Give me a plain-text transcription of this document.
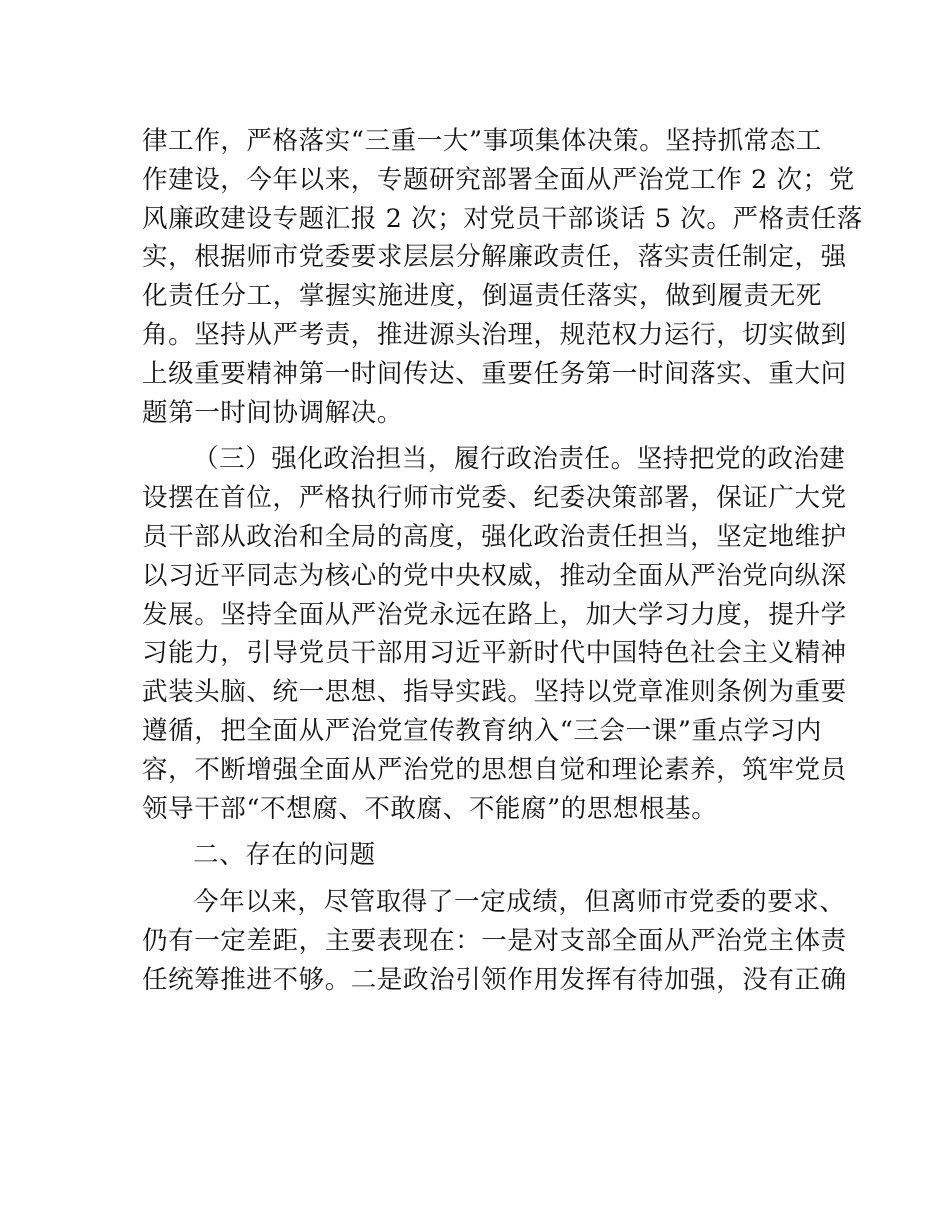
律工作，严格落实“三重一大”事项集体决策。坚持抓常态工
作建设，今年以来，专题研究部署全面从严治党工作 2 次；党
风廉政建设专题汇报 2 次；对党员干部谈话 5 次。严格责任落
实，根据师市党委要求层层分解廉政责任，落实责任制定，强
化责任分工，掌握实施进度，倒逼责任落实，做到履责无死
角。坚持从严考责，推进源头治理，规范权力运行，切实做到
上级重要精神第一时间传达、重要任务第一时间落实、重大问
题第一时间协调解决。
（三）强化政治担当，履行政治责任。坚持把党的政治建
设摆在首位，严格执行师市党委、纪委决策部署，保证广大党
员干部从政治和全局的高度，强化政治责任担当，坚定地维护
以习近平同志为核心的党中央权威，推动全面从严治党向纵深
发展。坚持全面从严治党永远在路上，加大学习力度，提升学
习能力，引导党员干部用习近平新时代中国特色社会主义精神
武装头脑、统一思想、指导实践。坚持以党章准则条例为重要
遵循，把全面从严治党宣传教育纳入“三会一课”重点学习内
容，不断增强全面从严治党的思想自觉和理论素养，筑牢党员
领导干部“不想腐、不敢腐、不能腐”的思想根基。
二、存在的问题
今年以来，尽管取得了一定成绩，但离师市党委的要求、
仍有一定差距，主要表现在：一是对支部全面从严治党主体责
任统筹推进不够。二是政治引领作用发挥有待加强，没有正确
